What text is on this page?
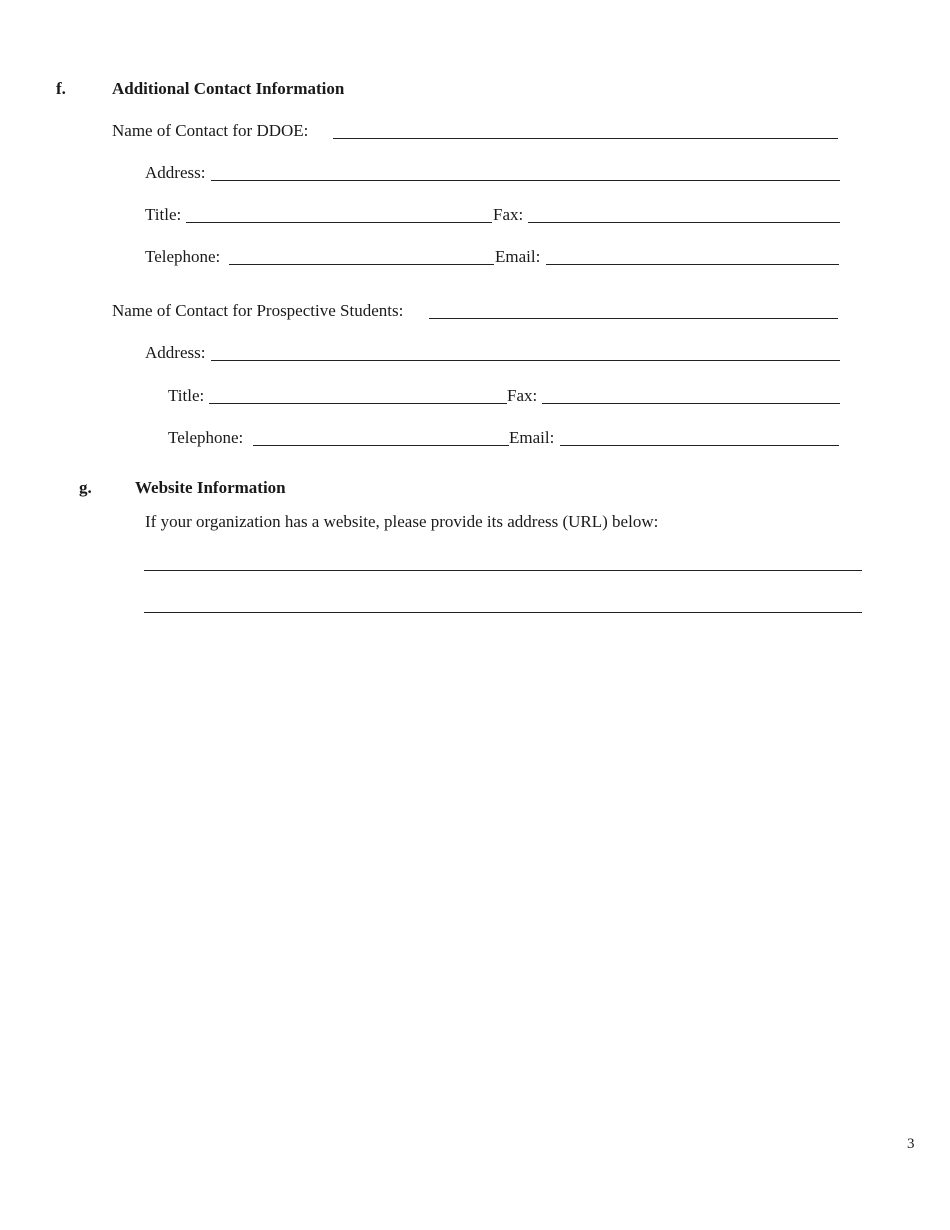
f.	Additional Contact Information
Name of Contact for DDOE:
Address:
Title:	Fax:
Telephone:	Email:
Name of Contact for Prospective Students:
Address:
Title:	Fax:
Telephone:	Email:
g.	Website Information
If your organization has a website, please provide its address (URL) below:
3
